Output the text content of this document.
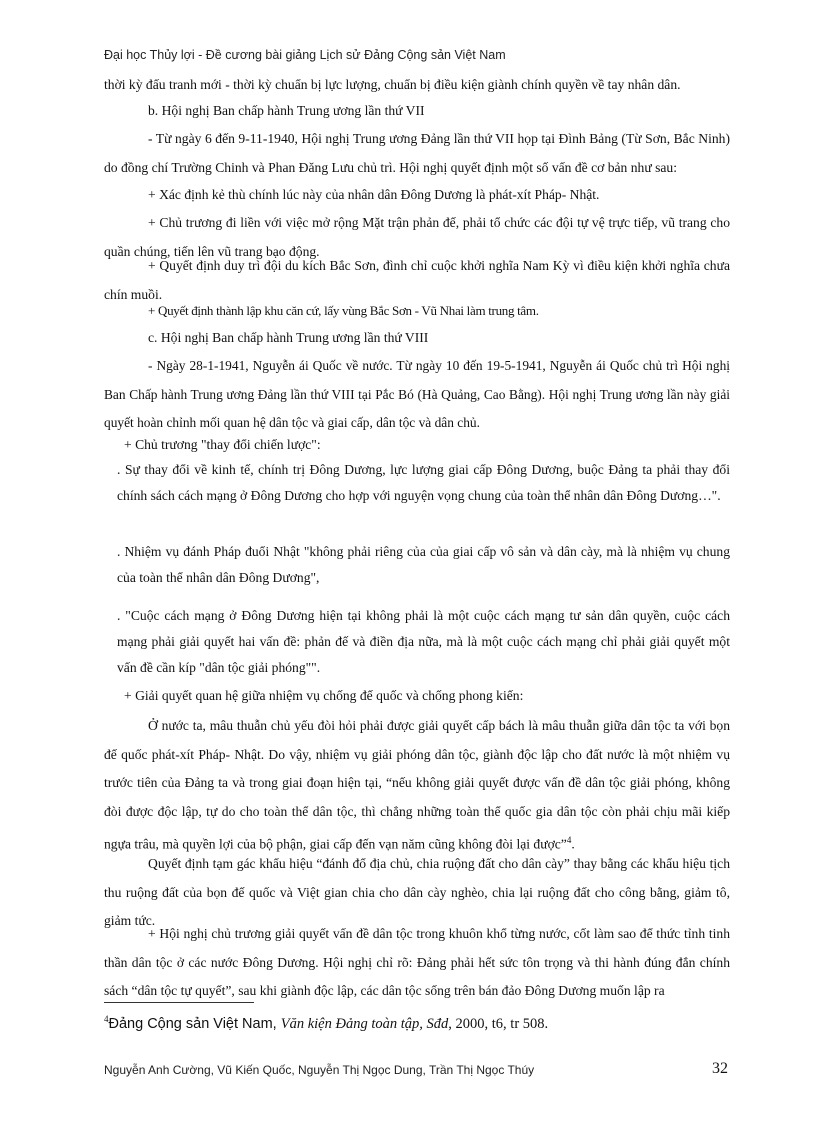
Đại học Thủy lợi - Đề cương bài giảng Lịch sử Đảng Cộng sản Việt Nam

thời kỳ đấu tranh mới - thời kỳ chuẩn bị lực lượng, chuẩn bị điều kiện giành chính quyền về tay nhân dân.

b. Hội nghị Ban chấp hành Trung ương lần thứ VII

- Từ ngày 6 đến 9-11-1940, Hội nghị Trung ương Đảng lần thứ VII họp tại Đình Bảng (Từ Sơn, Bắc Ninh) do đồng chí Trường Chinh và Phan Đăng Lưu chủ trì. Hội nghị quyết định một số vấn đề cơ bản như sau:

+ Xác định kẻ thù chính lúc này của nhân dân Đông Dương là phát-xít Pháp- Nhật.

+ Chủ trương đi liền với việc mở rộng Mặt trận phản đế, phải tổ chức các đội tự vệ trực tiếp, vũ trang cho quần chúng, tiến lên vũ trang bạo động.

+ Quyết định duy trì đội du kích Bắc Sơn, đình chỉ cuộc khởi nghĩa Nam Kỳ vì điều kiện khởi nghĩa chưa chín muồi.

+ Quyết định thành lập khu căn cứ, lấy vùng Bắc Sơn - Vũ Nhai làm trung tâm.
c. Hội nghị Ban chấp hành Trung ương lần thứ VIII

- Ngày 28-1-1941, Nguyễn ái Quốc về nước. Từ ngày 10 đến 19-5-1941, Nguyễn ái Quốc chủ trì Hội nghị Ban Chấp hành Trung ương Đảng lần thứ VIII tại Pắc Bó (Hà Quảng, Cao Bằng). Hội nghị Trung ương lần này giải quyết hoàn chỉnh mối quan hệ dân tộc và giai cấp, dân tộc và dân chủ.

+ Chủ trương "thay đổi chiến lược":

. Sự thay đổi về kinh tế, chính trị Đông Dương, lực lượng giai cấp Đông Dương, buộc Đảng ta phải thay đổi chính sách cách mạng ở Đông Dương cho hợp với nguyện vọng chung của toàn thể nhân dân Đông Dương…".

. Nhiệm vụ đánh Pháp đuổi Nhật "không phải riêng của của giai cấp vô sản và dân cày, mà là nhiệm vụ chung của toàn thể nhân dân Đông Dương",

. "Cuộc cách mạng ở Đông Dương hiện tại không phải là một cuộc cách mạng tư sản dân quyền, cuộc cách mạng phải giải quyết hai vấn đề: phản đế và điền địa nữa, mà là một cuộc cách mạng chỉ phải giải quyết một vấn đề cần kíp "dân tộc giải phóng"".

+ Giải quyết quan hệ giữa nhiệm vụ chống đế quốc và chống phong kiến:

Ở nước ta, mâu thuẫn chủ yếu đòi hỏi phải được giải quyết cấp bách là mâu thuẫn giữa dân tộc ta với bọn đế quốc phát-xít Pháp- Nhật. Do vậy, nhiệm vụ giải phóng dân tộc, giành độc lập cho đất nước là một nhiệm vụ trước tiên của Đảng ta và trong giai đoạn hiện tại, “nếu không giải quyết được vấn đề dân tộc giải phóng, không đòi được độc lập, tự do cho toàn thể dân tộc, thì chẳng những toàn thể quốc gia dân tộc còn phải chịu mãi kiếp ngựa trâu, mà quyền lợi của bộ phận, giai cấp đến vạn năm cũng không đòi lại được”$^4$.

Quyết định tạm gác khẩu hiệu “đánh đổ địa chủ, chia ruộng đất cho dân cày” thay bằng các khẩu hiệu tịch thu ruộng đất của bọn đế quốc và Việt gian chia cho dân cày nghèo, chia lại ruộng đất cho công bằng, giảm tô, giảm tức.

+ Hội nghị chủ trương giải quyết vấn đề dân tộc trong khuôn khổ từng nước, cốt làm sao để thức tỉnh tinh thần dân tộc ở các nước Đông Dương. Hội nghị chỉ rõ: Đảng phải hết sức tôn trọng và thi hành đúng đắn chính sách “dân tộc tự quyết”, sau khi giành độc lập, các dân tộc sống trên bán đảo Đông Dương muốn lập ra

$^4$Đảng Cộng sản Việt Nam, Văn kiện Đảng toàn tập, Sđd, 2000, t6, tr 508.
Nguyễn Anh Cường, Vũ Kiến Quốc, Nguyễn Thị Ngọc Dung, Trần Thị Ngọc Thúy	32
